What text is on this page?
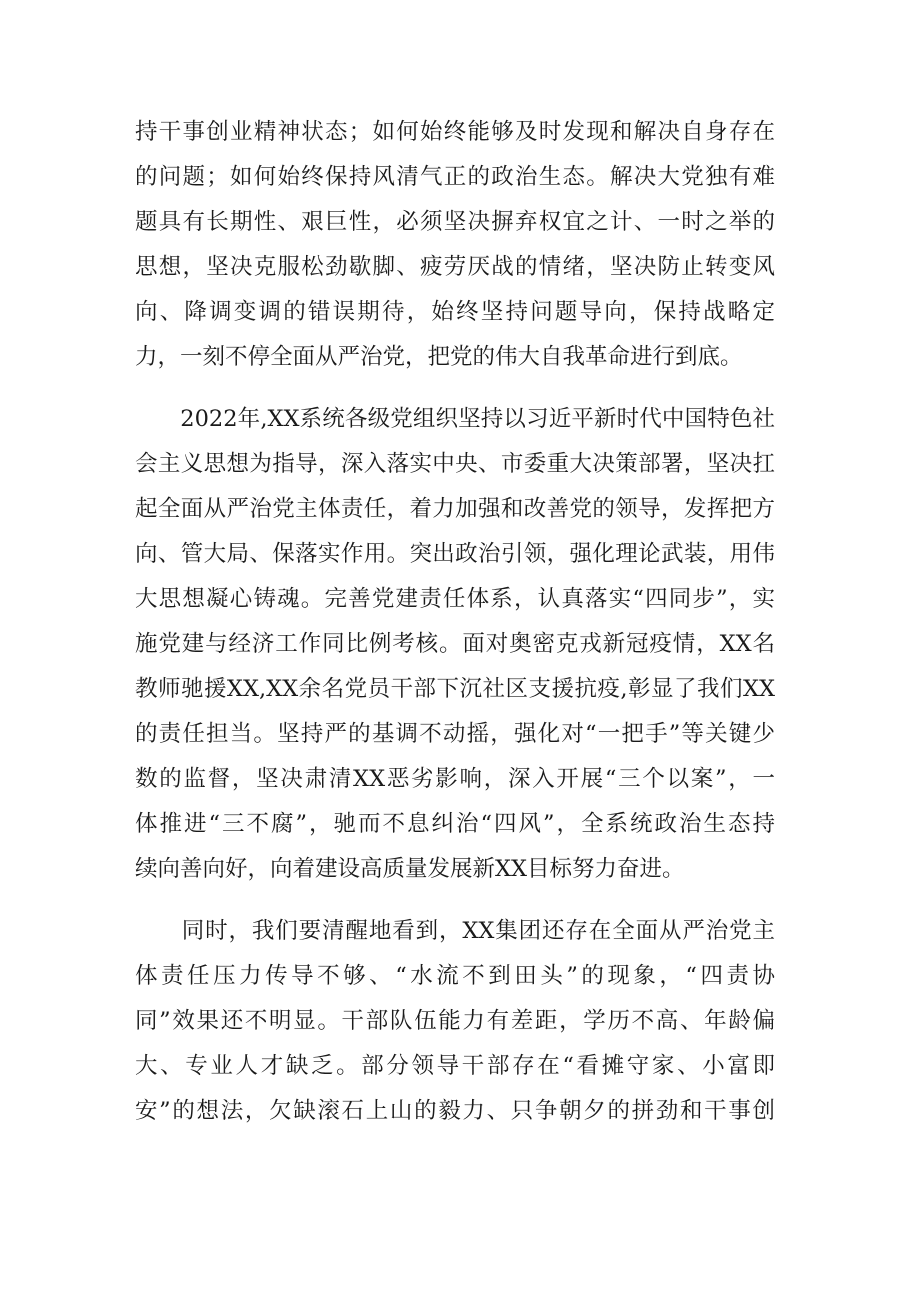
持干事创业精神状态；如何始终能够及时发现和解决自身存在
的问题；如何始终保持风清气正的政治生态。解决大党独有难
题具有长期性、艰巨性，必须坚决摒弃权宜之计、一时之举的
思想，坚决克服松劲歇脚、疲劳厌战的情绪，坚决防止转变风
向、降调变调的错误期待，始终坚持问题导向，保持战略定
力，一刻不停全面从严治党，把党的伟大自我革命进行到底。
　　2022年,XX系统各级党组织坚持以习近平新时代中国特色社
会主义思想为指导，深入落实中央、市委重大决策部署，坚决扛
起全面从严治党主体责任，着力加强和改善党的领导，发挥把方
向、管大局、保落实作用。突出政治引领，强化理论武装，用伟
大思想凝心铸魂。完善党建责任体系，认真落实“四同步”，实
施党建与经济工作同比例考核。面对奥密克戎新冠疫情，XX名
教师驰援XX,XX余名党员干部下沉社区支援抗疫,彰显了我们XX
的责任担当。坚持严的基调不动摇，强化对“一把手”等关键少
数的监督，坚决肃清XX恶劣影响，深入开展“三个以案”，一
体推进“三不腐”，驰而不息纠治“四风”，全系统政治生态持
续向善向好，向着建设高质量发展新XX目标努力奋进。
　　同时，我们要清醒地看到，XX集团还存在全面从严治党主
体责任压力传导不够、“水流不到田头”的现象，“四责协
同”效果还不明显。干部队伍能力有差距，学历不高、年龄偏
大、专业人才缺乏。部分领导干部存在“看摊守家、小富即
安”的想法，欠缺滚石上山的毅力、只争朝夕的拼劲和干事创
